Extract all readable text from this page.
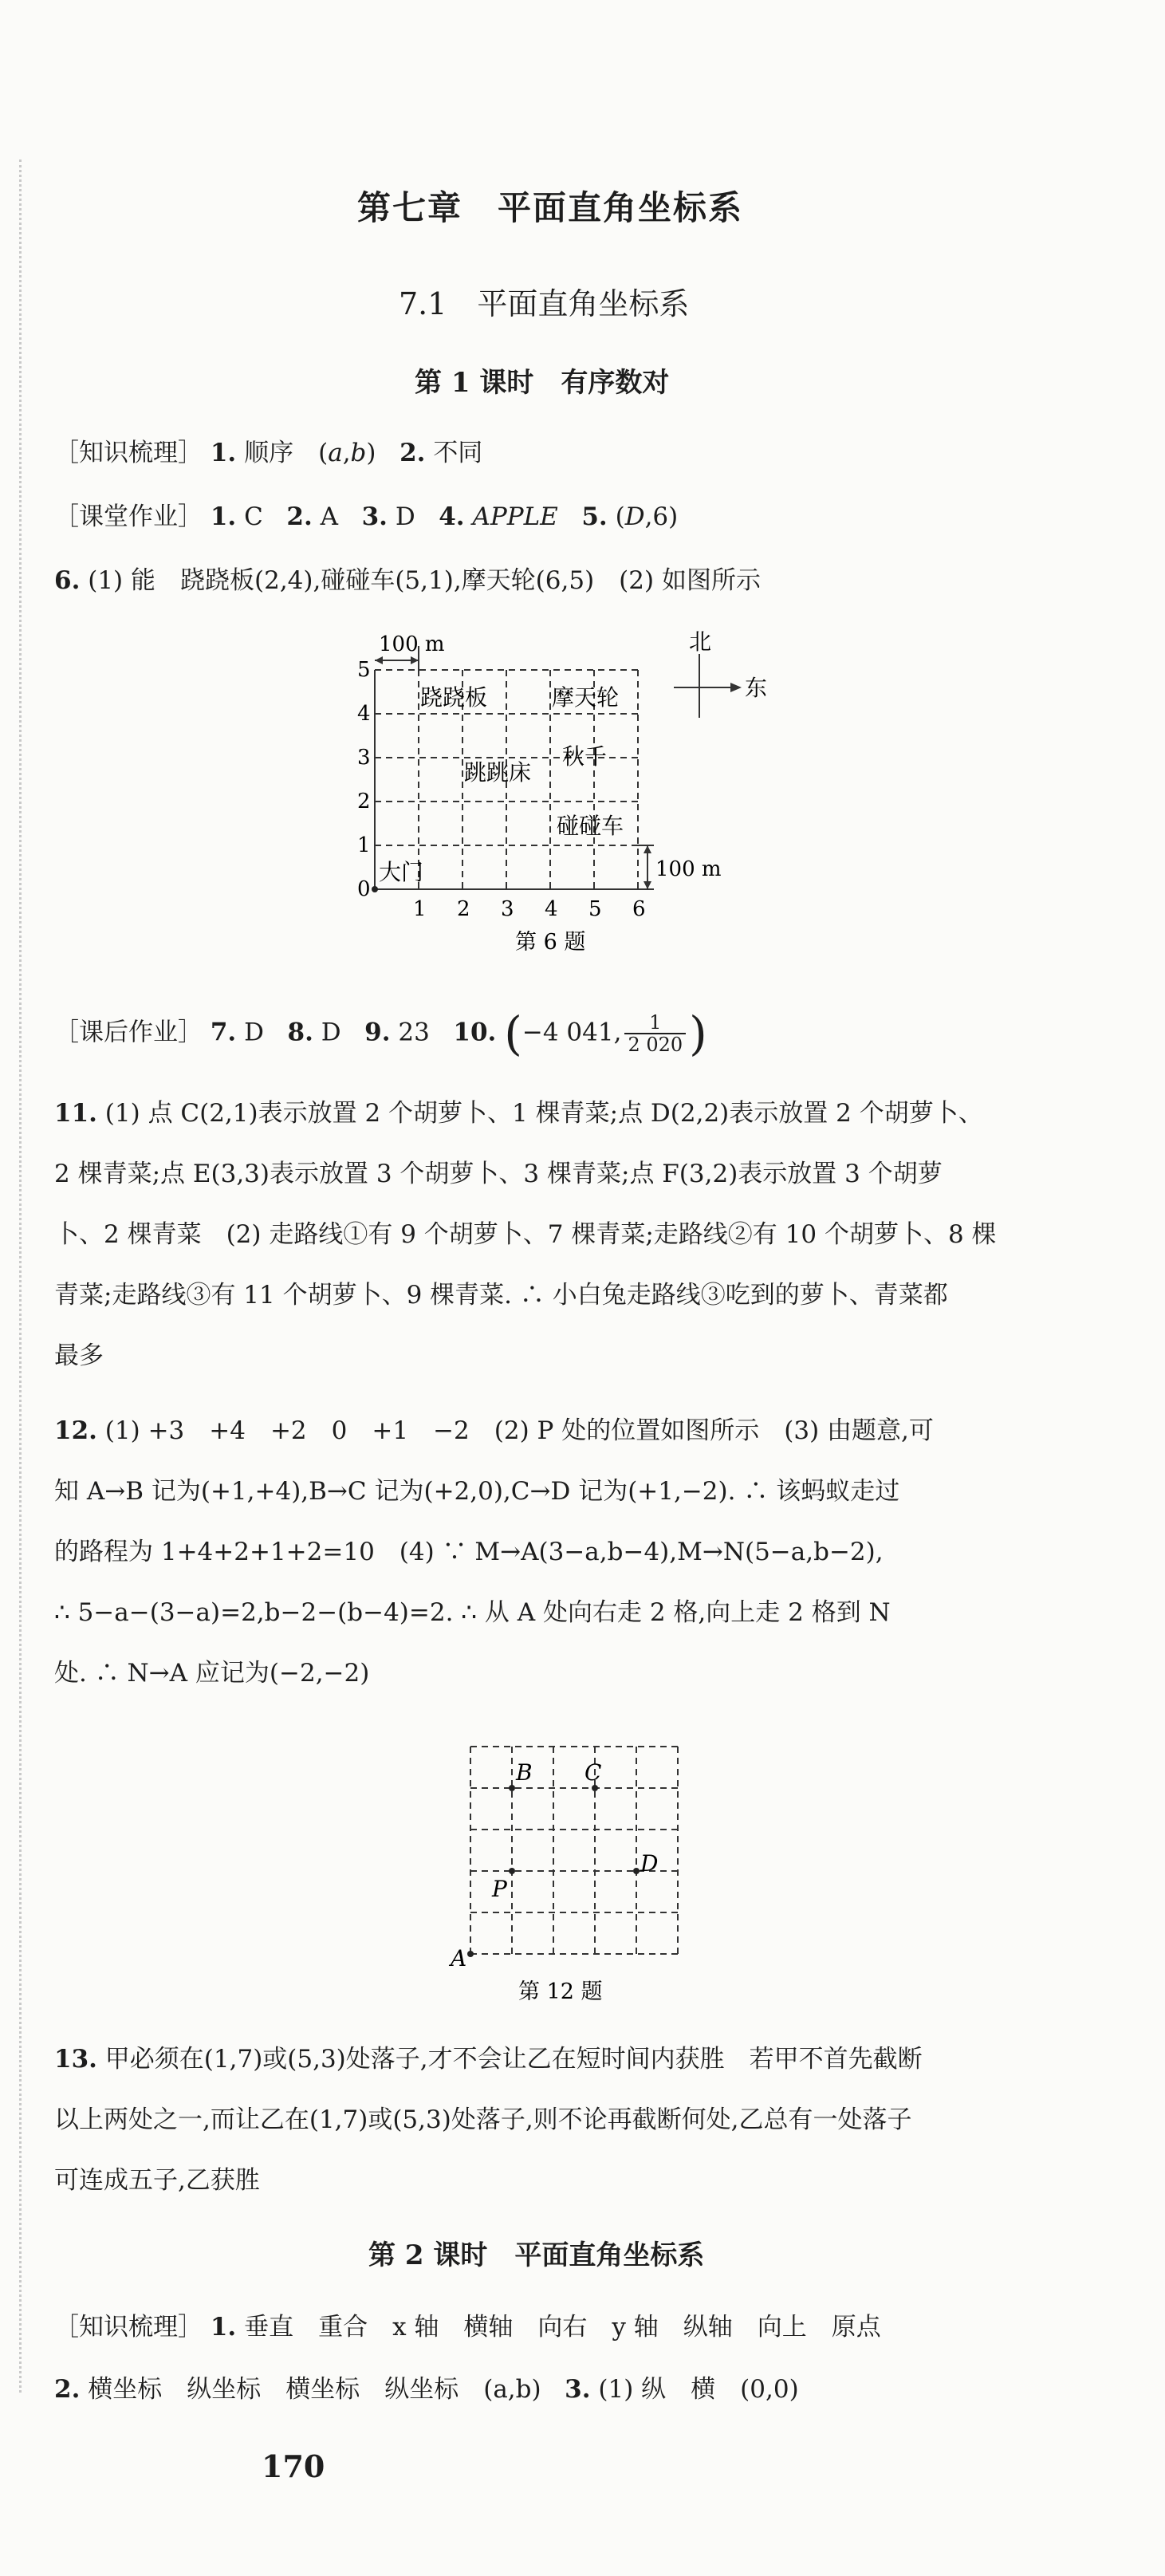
第七章　平面直角坐标系
7.1　平面直角坐标系
第 1 课时　有序数对
［知识梳理］ 1. 顺序　(a,b) 2. 不同
［课堂作业］ 1. C 2. A 3. D 4. APPLE 5. (D,6)
6. (1) 能　跷跷板(2,4),碰碰车(5,1),摩天轮(6,5)　(2) 如图所示
0
1
2
3
4
5
1 2 3 4 5 6
100 m
100 m
跷跷板	摩天轮
秋千
跳跳床
碰碰车
大门
北
东
第 6 题
［课后作业］ 7. D 8. D 9. 23 10. (−4 041, $\frac{1}{2 020}$ )
11. (1) 点 C(2,1)表示放置 2 个胡萝卜、1 棵青菜;点 D(2,2)表示放置 2 个胡萝卜、
2 棵青菜;点 E(3,3)表示放置 3 个胡萝卜、3 棵青菜;点 F(3,2)表示放置 3 个胡萝
卜、2 棵青菜　(2) 走路线①有 9 个胡萝卜、7 棵青菜;走路线②有 10 个胡萝卜、8 棵
青菜;走路线③有 11 个胡萝卜、9 棵青菜. ∴ 小白兔走路线③吃到的萝卜、青菜都
最多
12. (1) +3　+4　+2　0　+1　−2　(2) P 处的位置如图所示　(3) 由题意,可
知 A→B 记为(+1,+4),B→C 记为(+2,0),C→D 记为(+1,−2). ∴ 该蚂蚁走过
的路程为 1+4+2+1+2=10　(4) ∵ M→A(3−a,b−4),M→N(5−a,b−2),
∴ 5−a−(3−a)=2,b−2−(b−4)=2. ∴ 从 A 处向右走 2 格,向上走 2 格到 N
处. ∴ N→A 应记为(−2,−2)
A
B C
D
P
第 12 题
13. 甲必须在(1,7)或(5,3)处落子,才不会让乙在短时间内获胜　若甲不首先截断
以上两处之一,而让乙在(1,7)或(5,3)处落子,则不论再截断何处,乙总有一处落子
可连成五子,乙获胜
第 2 课时　平面直角坐标系
［知识梳理］ 1. 垂直　重合　x 轴　横轴　向右　y 轴　纵轴　向上　原点
2. 横坐标　纵坐标　横坐标　纵坐标　(a,b) 3. (1) 纵　横　(0,0)
170
